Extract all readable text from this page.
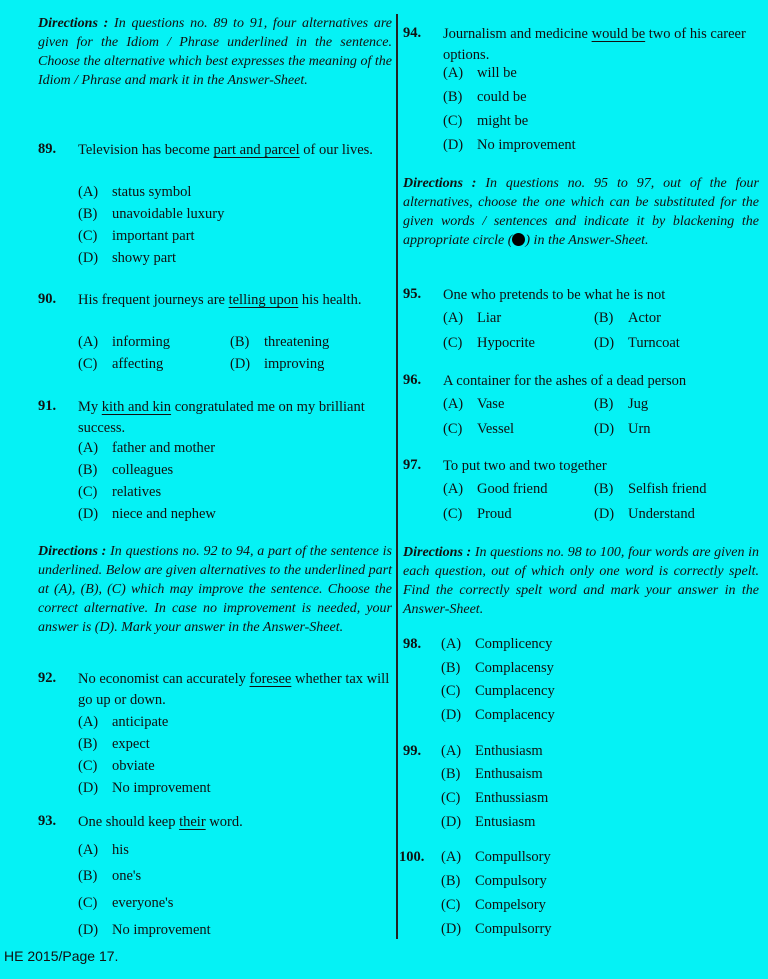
Directions : In questions no. 89 to 91, four alternatives are given for the Idiom / Phrase underlined in the sentence. Choose the alternative which best expresses the meaning of the Idiom / Phrase and mark it in the Answer-Sheet.
89. Television has become part and parcel of our lives.
(A) status symbol
(B) unavoidable luxury
(C) important part
(D) showy part
90. His frequent journeys are telling upon his health.
(A) informing	(B) threatening
(C) affecting	(D) improving
91. My kith and kin congratulated me on my brilliant success.
(A) father and mother
(B) colleagues
(C) relatives
(D) niece and nephew
Directions : In questions no. 92 to 94, a part of the sentence is underlined. Below are given alternatives to the underlined part at (A), (B), (C) which may improve the sentence. Choose the correct alternative. In case no improvement is needed, your answer is (D). Mark your answer in the Answer-Sheet.
92. No economist can accurately foresee whether tax will go up or down.
(A) anticipate
(B) expect
(C) obviate
(D) No improvement
93. One should keep their word.
(A) his
(B) one's
(C) everyone's
(D) No improvement
94. Journalism and medicine would be two of his career options.
(A) will be
(B) could be
(C) might be
(D) No improvement
Directions : In questions no. 95 to 97, out of the four alternatives, choose the one which can be substituted for the given words / sentences and indicate it by blackening the appropriate circle ( ) in the Answer-Sheet.
95. One who pretends to be what he is not
(A) Liar	(B) Actor
(C) Hypocrite	(D) Turncoat
96. A container for the ashes of a dead person
(A) Vase	(B) Jug
(C) Vessel	(D) Urn
97. To put two and two together
(A) Good friend	(B) Selfish friend
(C) Proud	(D) Understand
Directions : In questions no. 98 to 100, four words are given in each question, out of which only one word is correctly spelt. Find the correctly spelt word and mark your answer in the Answer-Sheet.
98. (A) Complicency
(B) Complacensy
(C) Cumplacency
(D) Complacency
99. (A) Enthusiasm
(B) Enthusaism
(C) Enthussiasm
(D) Entusiasm
100. (A) Compullsory
(B) Compulsory
(C) Compelsory
(D) Compulsorry
HE 2015/Page 17.
